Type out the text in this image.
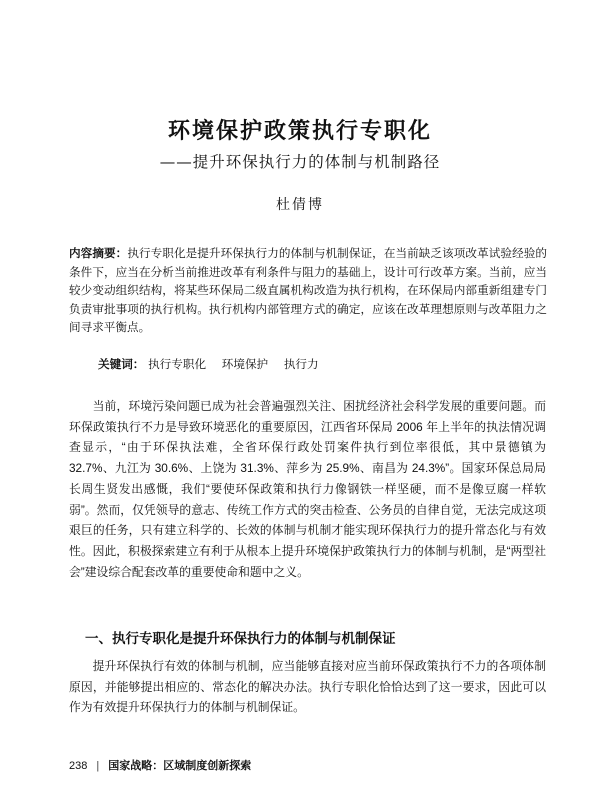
环境保护政策执行专职化
——提升环保执行力的体制与机制路径
杜倩博
内容摘要：执行专职化是提升环保执行力的体制与机制保证，在当前缺乏该项改革试验经验的条件下，应当在分析当前推进改革有利条件与阻力的基础上，设计可行改革方案。当前，应当较少变动组织结构，将某些环保局二级直属机构改造为执行机构，在环保局内部重新组建专门负责审批事项的执行机构。执行机构内部管理方式的确定，应该在改革理想原则与改革阻力之间寻求平衡点。
关键词： 执行专职化 环境保护 执行力
当前，环境污染问题已成为社会普遍强烈关注、困扰经济社会科学发展的重要问题。而环保政策执行不力是导致环境恶化的重要原因，江西省环保局 2006 年上半年的执法情况调查显示，“由于环保执法难，全省环保行政处罚案件执行到位率很低，其中景德镇为 32.7%、九江为 30.6%、上饶为 31.3%、萍乡为 25.9%、南昌为 24.3%”。国家环保总局局长周生贤发出感慨，我们“要使环保政策和执行力像钢铁一样坚硬，而不是像豆腐一样软弱”。然而，仅凭领导的意志、传统工作方式的突击检查、公务员的自律自觉，无法完成这项艰巨的任务，只有建立科学的、长效的体制与机制才能实现环保执行力的提升常态化与有效性。因此，积极探索建立有利于从根本上提升环境保护政策执行力的体制与机制，是“两型社会”建设综合配套改革的重要使命和题中之义。
一、执行专职化是提升环保执行力的体制与机制保证
提升环保执行有效的体制与机制，应当能够直接对应当前环保政策执行不力的各项体制原因，并能够提出相应的、常态化的解决办法。执行专职化恰恰达到了这一要求，因此可以作为有效提升环保执行力的体制与机制保证。
238 | 国家战略：区域制度创新探索
